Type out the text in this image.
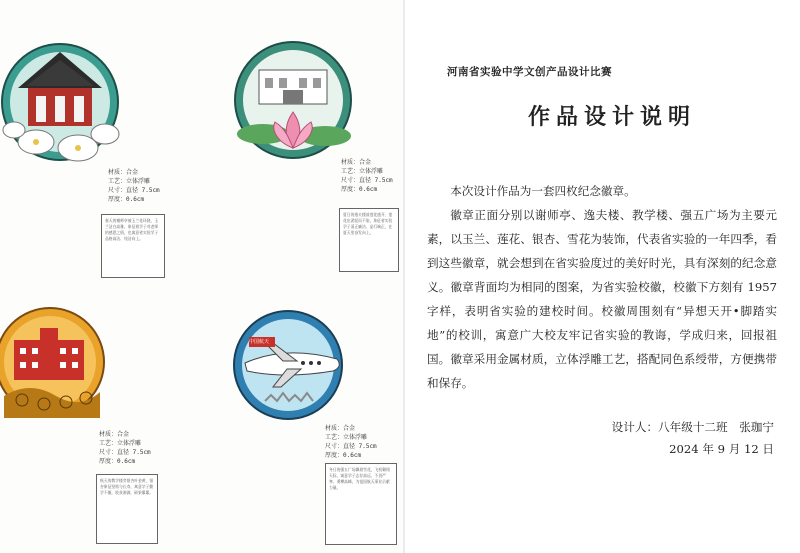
材质：合金
工艺：立体浮雕
尺寸：直径 7.5cm
厚度：0.6cm
春天的谢师亭被玉兰花环绕，玉兰洁白高雅，象征着学子对老师的感恩之情，也寓意省实验学子品格高洁、纯洁向上。
材质：合金
工艺：立体浮雕
尺寸：直径 7.5cm
厚度：0.6cm
夏日的逸夫楼前莲花盛开，莲花出淤泥而不染，象征省实验学子清正廉洁、品行端正，在夏天里奋发向上。
材质：合金
工艺：立体浮雕
尺寸：直径 7.5cm
厚度：0.6cm
秋天的教学楼旁银杏叶金黄，银杏象征坚韧与长寿，寓意学子勤学不辍，收获满满，硕果累累。
中国航天
材质：合金
工艺：立体浮雕
尺寸：直径 7.5cm
厚度：0.6cm
冬日的强五广场飘着雪花，飞机翱翔天际，寓意学子志存高远、不畏严寒、勇攀高峰，为祖国航天事业贡献力量。
河南省实验中学文创产品设计比赛
作品设计说明

本次设计作品为一套四枚纪念徽章。

徽章正面分别以谢师亭、逸夫楼、教学楼、强五广场为主要元素，以玉兰、莲花、银杏、雪花为装饰，代表省实验的一年四季，看到这些徽章，就会想到在省实验度过的美好时光，具有深刻的纪念意义。徽章背面均为相同的图案，为省实验校徽，校徽下方刻有 1957 字样，表明省实验的建校时间。校徽周围刻有“异想天开•脚踏实地”的校训，寓意广大校友牢记省实验的教诲，学成归来，回报祖国。徽章采用金属材质，立体浮雕工艺，搭配同色系绶带，方便携带和保存。

设计人：八年级十二班　张珈宁
2024 年 9 月 12 日
